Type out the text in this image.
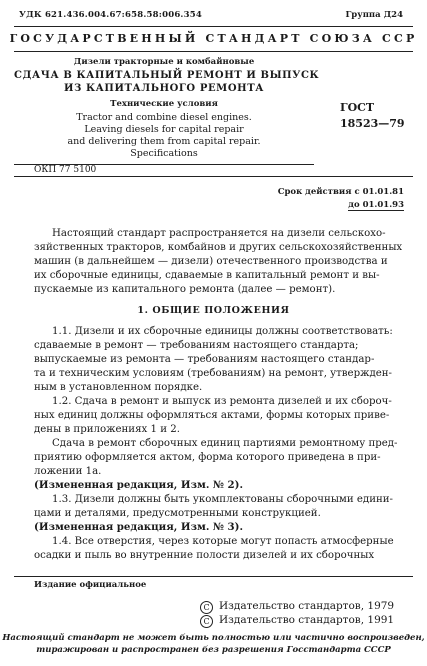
УДК 621.436.004.67:658.58:006.354	Группа Д24
ГОСУДАРСТВЕННЫЙ СТАНДАРТ СОЮЗА ССР
Дизели тракторные и комбайновые
СДАЧА В КАПИТАЛЬНЫЙ РЕМОНТ И ВЫПУСК
ИЗ КАПИТАЛЬНОГО РЕМОНТА
Технические условия
Tractor and combine diesel engines.
Leaving diesels for capital repair
and delivering them from capital repair.
Specifications
ГОСТ
18523—79
ОКП 77 5100
Срок действия с 01.01.81
до 01.01.93
Настоящий стандарт распространяется на дизели сельскохо-
зяйственных тракторов, комбайнов и других сельскохозяйственных
машин (в дальнейшем — дизели) отечественного производства и
их сборочные единицы, сдаваемые в капитальный ремонт и вы-
пускаемые из капитального ремонта (далее — ремонт).
1. ОБЩИЕ ПОЛОЖЕНИЯ
1.1. Дизели и их сборочные единицы должны соответствовать:
сдаваемые в ремонт — требованиям настоящего стандарта;
выпускаемые из ремонта — требованиям настоящего стандар-
та и техническим условиям (требованиям) на ремонт, утвержден-
ным в установленном порядке.
1.2. Сдача в ремонт и выпуск из ремонта дизелей и их сбороч-
ных единиц должны оформляться актами, формы которых приве-
дены в приложениях 1 и 2.
Сдача в ремонт сборочных единиц партиями ремонтному пред-
приятию оформляется актом, форма которого приведена в при-
ложении 1а.
(Измененная редакция, Изм. № 2).
1.3. Дизели должны быть укомплектованы сборочными едини-
цами и деталями, предусмотренными конструкцией.
(Измененная редакция, Изм. № 3).
1.4. Все отверстия, через которые могут попасть атмосферные
осадки и пыль во внутренние полости дизелей и их сборочных
Издание официальное
C Издательство стандартов, 1979
C Издательство стандартов, 1991
Настоящий стандарт не может быть полностью или частично воспроизведен,
тиражирован и распространен без разрешения Госстандарта СССР
